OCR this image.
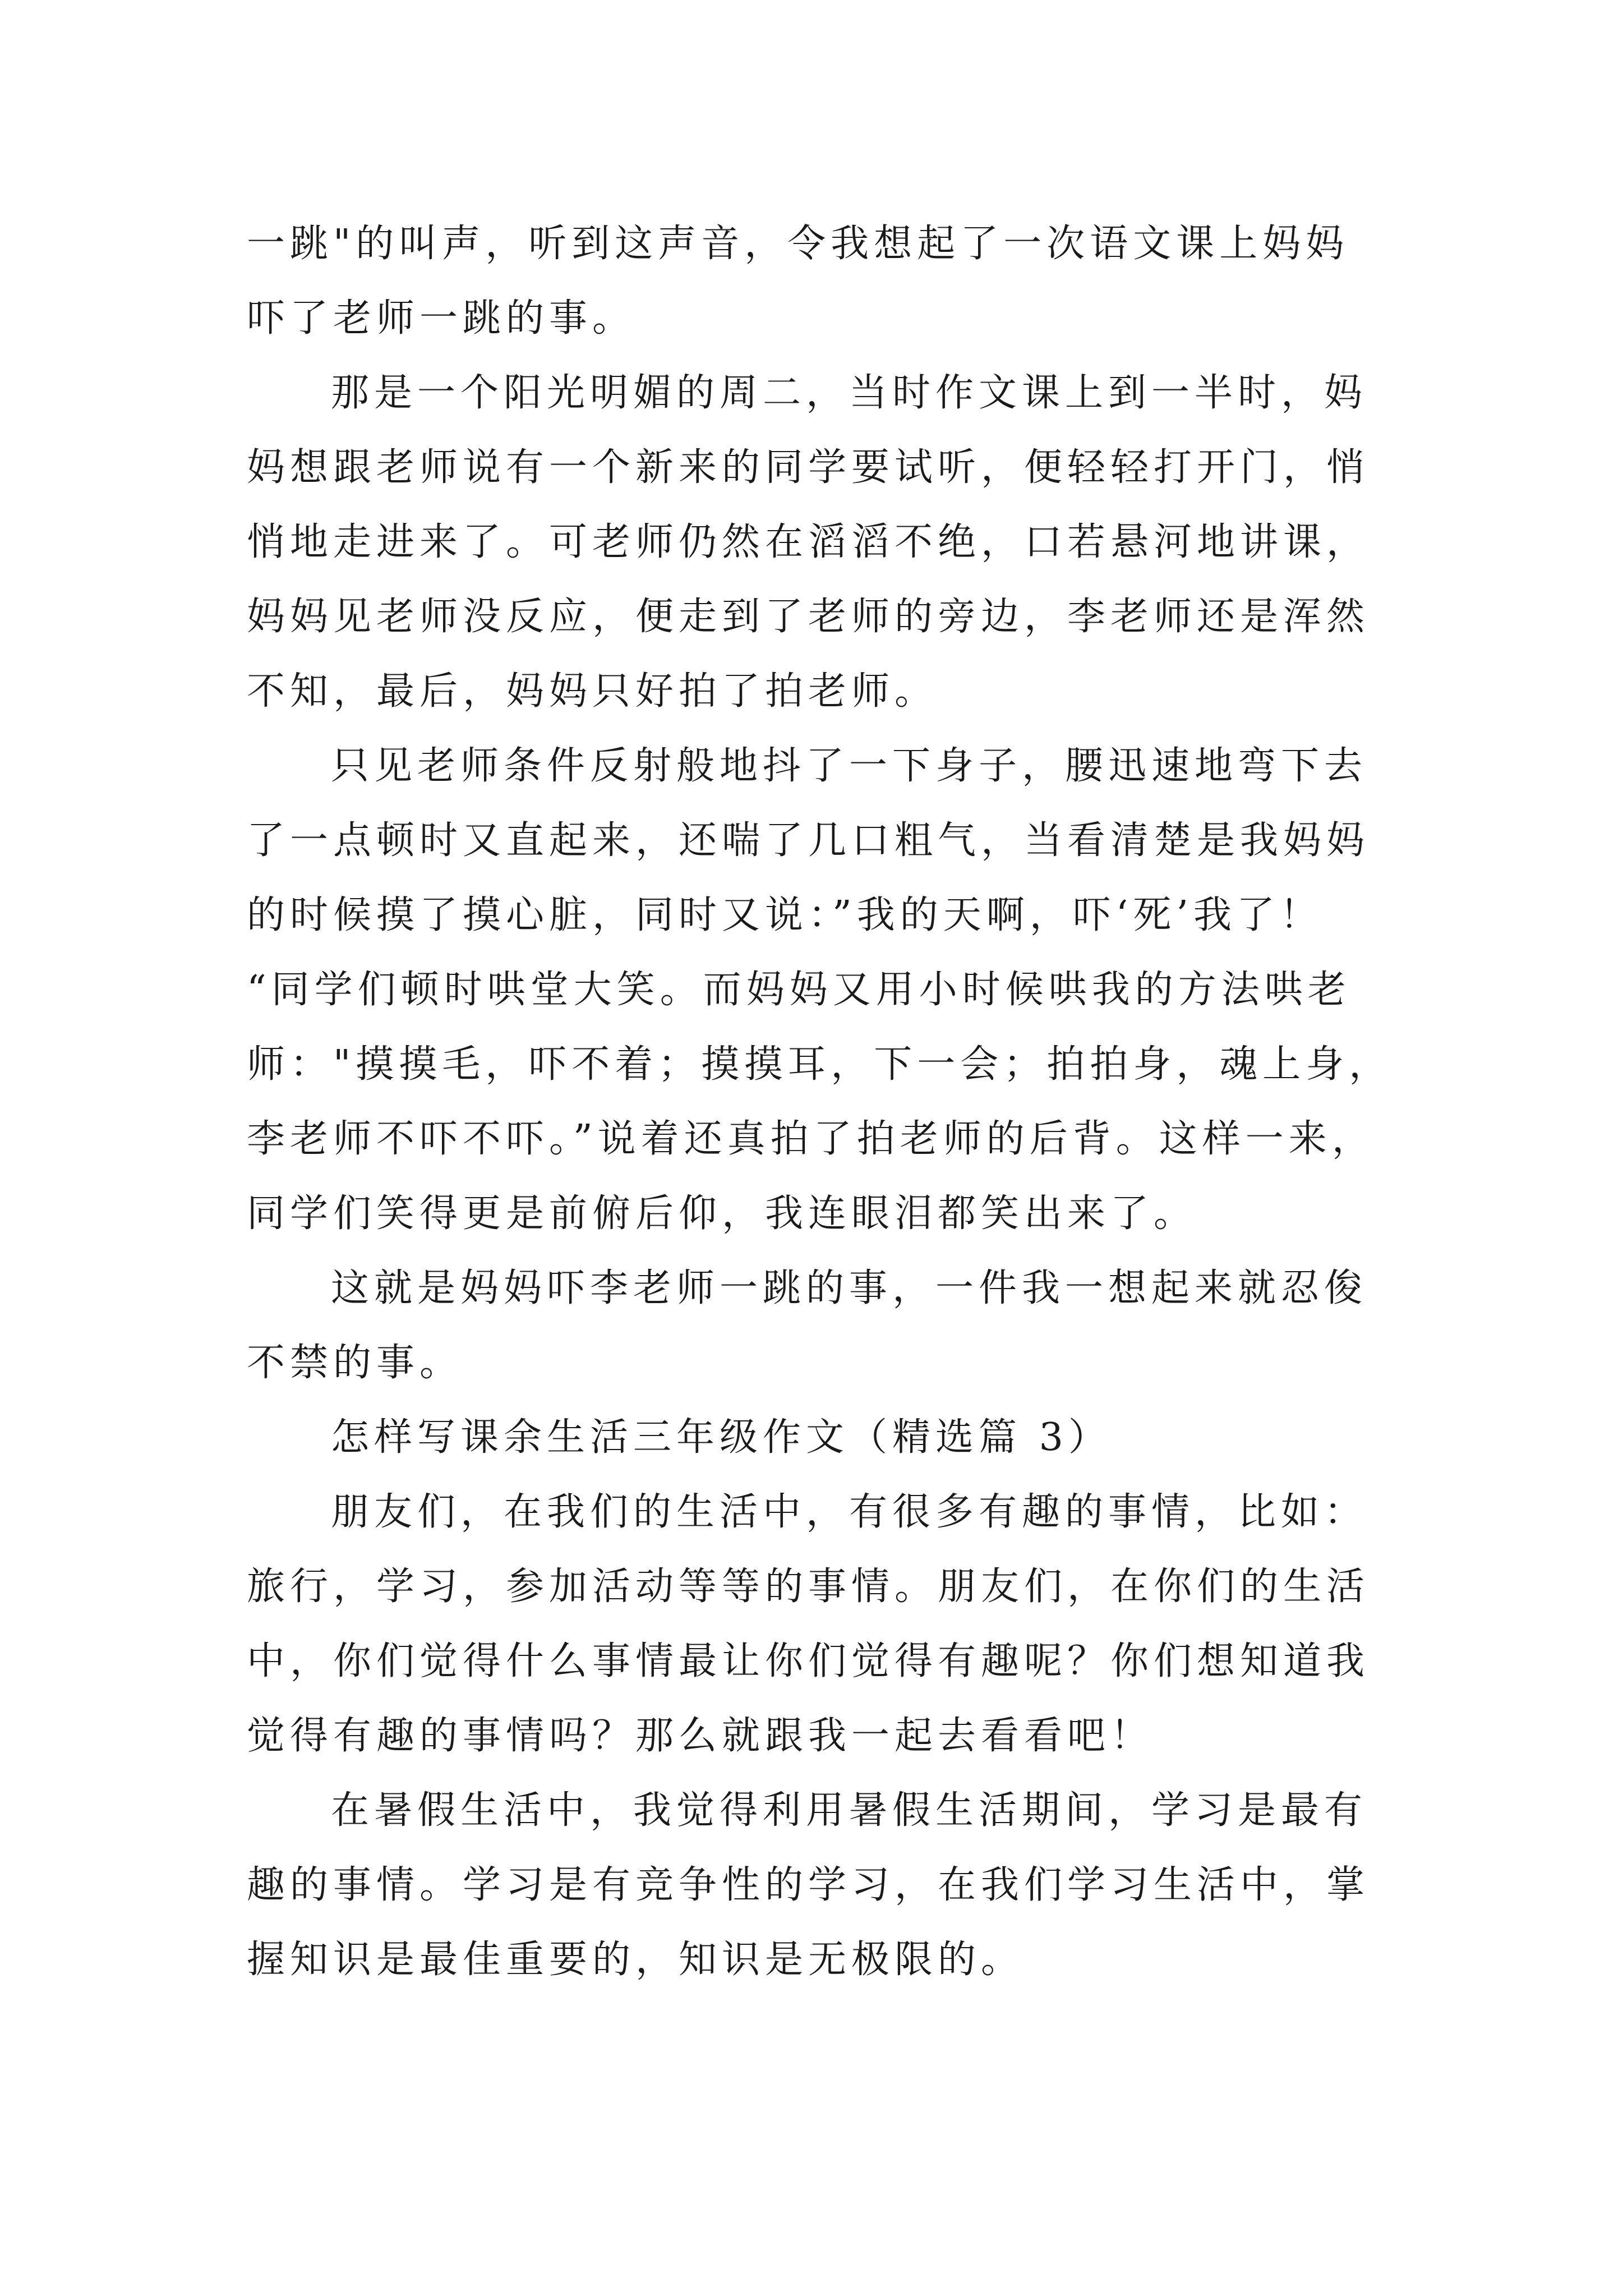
一跳"的叫声，听到这声音，令我想起了一次语文课上妈妈
吓了老师一跳的事。
那是一个阳光明媚的周二，当时作文课上到一半时，妈
妈想跟老师说有一个新来的同学要试听，便轻轻打开门，悄
悄地走进来了。可老师仍然在滔滔不绝，口若悬河地讲课，
妈妈见老师没反应，便走到了老师的旁边，李老师还是浑然
不知，最后，妈妈只好拍了拍老师。
只见老师条件反射般地抖了一下身子，腰迅速地弯下去
了一点顿时又直起来，还喘了几口粗气，当看清楚是我妈妈
的时候摸了摸心脏，同时又说：”我的天啊，吓‘死’我了！
“同学们顿时哄堂大笑。而妈妈又用小时候哄我的方法哄老
师："摸摸毛，吓不着；摸摸耳，下一会；拍拍身，魂上身，
李老师不吓不吓。”说着还真拍了拍老师的后背。这样一来，
同学们笑得更是前俯后仰，我连眼泪都笑出来了。
这就是妈妈吓李老师一跳的事，一件我一想起来就忍俊
不禁的事。
怎样写课余生活三年级作文（精选篇 3）
朋友们，在我们的生活中，有很多有趣的事情，比如：
旅行，学习，参加活动等等的事情。朋友们，在你们的生活
中，你们觉得什么事情最让你们觉得有趣呢？你们想知道我
觉得有趣的事情吗？那么就跟我一起去看看吧！
在暑假生活中，我觉得利用暑假生活期间，学习是最有
趣的事情。学习是有竞争性的学习，在我们学习生活中，掌
握知识是最佳重要的，知识是无极限的。
